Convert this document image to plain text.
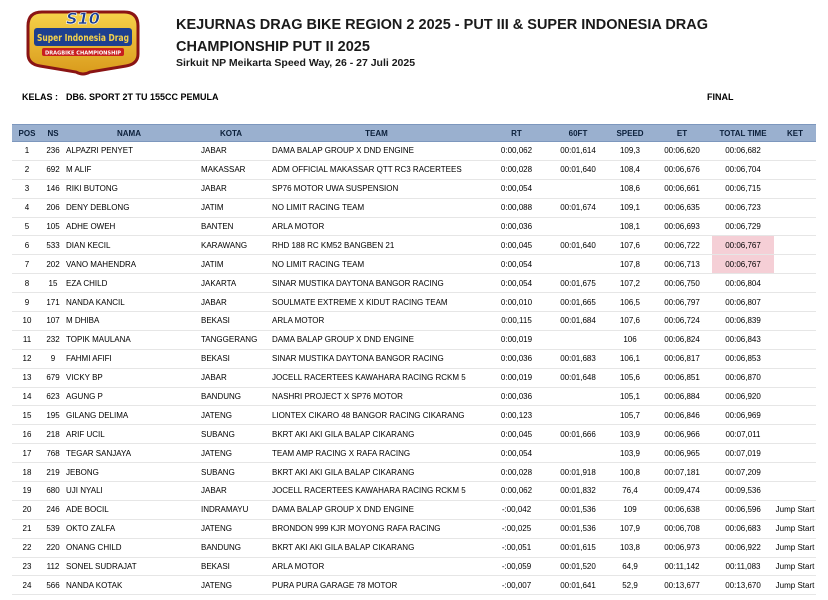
S10
Super Indonesia Drag
DRAGBIKE CHAMPIONSHIP
KEJURNAS DRAG BIKE REGION 2 2025 - PUT III & SUPER INDONESIA DRAG CHAMPIONSHIP PUT II 2025
Sirkuit NP Meikarta Speed Way, 26 - 27 Juli 2025
KELAS : DB6. SPORT 2T TU 155CC PEMULA	FINAL
POS	NS	NAMA	KOTA	TEAM	RT	60FT	SPEED	ET	TOTAL TIME	KET
1	236	ALPAZRI PENYET	JABAR	DAMA BALAP GROUP X DND ENGINE	0:00,062	00:01,614	109,3	00:06,620	00:06,682	
2	692	M ALIF	MAKASSAR	ADM OFFICIAL MAKASSAR QTT RC3 RACERTEES	0:00,028	00:01,640	108,4	00:06,676	00:06,704	
3	146	RIKI BUTONG	JABAR	SP76 MOTOR UWA SUSPENSION	0:00,054		108,6	00:06,661	00:06,715	
4	206	DENY DEBLONG	JATIM	NO LIMIT RACING TEAM	0:00,088	00:01,674	109,1	00:06,635	00:06,723	
5	105	ADHE OWEH	BANTEN	ARLA MOTOR	0:00,036		108,1	00:06,693	00:06,729	
6	533	DIAN KECIL	KARAWANG	RHD 188 RC KM52 BANGBEN 21	0:00,045	00:01,640	107,6	00:06,722	00:06,767	
7	202	VANO MAHENDRA	JATIM	NO LIMIT RACING TEAM	0:00,054		107,8	00:06,713	00:06,767	
8	15	EZA CHILD	JAKARTA	SINAR MUSTIKA DAYTONA BANGOR RACING	0:00,054	00:01,675	107,2	00:06,750	00:06,804	
9	171	NANDA KANCIL	JABAR	SOULMATE EXTREME X KIDUT RACING TEAM	0:00,010	00:01,665	106,5	00:06,797	00:06,807	
10	107	M DHIBA	BEKASI	ARLA MOTOR	0:00,115	00:01,684	107,6	00:06,724	00:06,839	
11	232	TOPIK MAULANA	TANGGERANG	DAMA BALAP GROUP X DND ENGINE	0:00,019		106	00:06,824	00:06,843	
12	9	FAHMI AFIFI	BEKASI	SINAR MUSTIKA DAYTONA BANGOR RACING	0:00,036	00:01,683	106,1	00:06,817	00:06,853	
13	679	VICKY BP	JABAR	JOCELL RACERTEES KAWAHARA RACING RCKM 5	0:00,019	00:01,648	105,6	00:06,851	00:06,870	
14	623	AGUNG P	BANDUNG	NASHRI PROJECT X SP76 MOTOR	0:00,036		105,1	00:06,884	00:06,920	
15	195	GILANG DELIMA	JATENG	LIONTEX CIKARO 48 BANGOR RACING CIKARANG	0:00,123		105,7	00:06,846	00:06,969	
16	218	ARIF UCIL	SUBANG	BKRT AKI AKI GILA BALAP CIKARANG	0:00,045	00:01,666	103,9	00:06,966	00:07,011	
17	768	TEGAR SANJAYA	JATENG	TEAM AMP RACING X RAFA RACING	0:00,054		103,9	00:06,965	00:07,019	
18	219	JEBONG	SUBANG	BKRT AKI AKI GILA BALAP CIKARANG	0:00,028	00:01,918	100,8	00:07,181	00:07,209	
19	680	UJI NYALI	JABAR	JOCELL RACERTEES KAWAHARA RACING RCKM 5	0:00,062	00:01,832	76,4	00:09,474	00:09,536	
20	246	ADE BOCIL	INDRAMAYU	DAMA BALAP GROUP X DND ENGINE	-:00,042	00:01,536	109	00:06,638	00:06,596	Jump Start
21	539	OKTO ZALFA	JATENG	BRONDON 999 KJR MOYONG RAFA RACING	-:00,025	00:01,536	107,9	00:06,708	00:06,683	Jump Start
22	220	ONANG CHILD	BANDUNG	BKRT AKI AKI GILA BALAP CIKARANG	-:00,051	00:01,615	103,8	00:06,973	00:06,922	Jump Start
23	112	SONEL SUDRAJAT	BEKASI	ARLA MOTOR	-:00,059	00:01,520	64,9	00:11,142	00:11,083	Jump Start
24	566	NANDA KOTAK	JATENG	PURA PURA GARAGE 78 MOTOR	-:00,007	00:01,641	52,9	00:13,677	00:13,670	Jump Start
